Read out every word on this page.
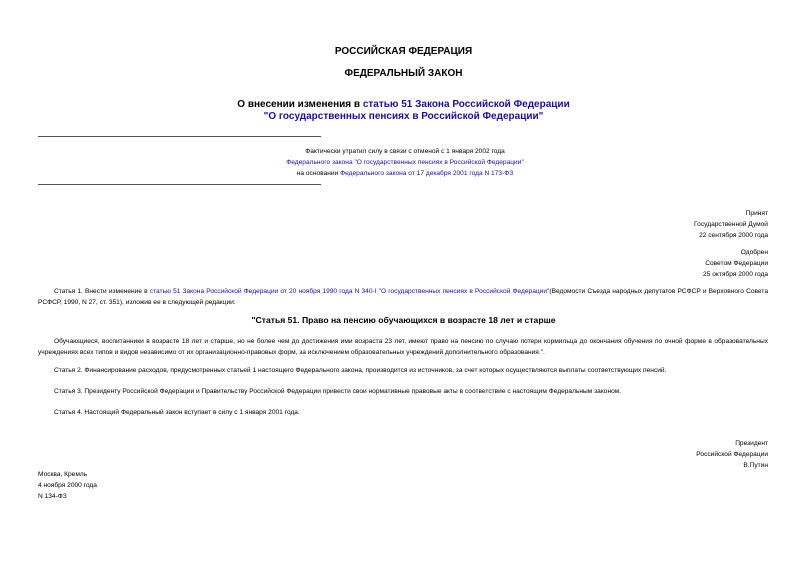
РОССИЙСКАЯ ФЕДЕРАЦИЯ
ФЕДЕРАЛЬНЫЙ ЗАКОН
О внесении изменения в статью 51 Закона Российской Федерации
"О государственных пенсиях в Российской Федерации"
Фактически утратил силу в связи с отменой с 1 января 2002 года
Федерального закона "О государственных пенсиях в Российской Федерации"
на основании Федерального закона от 17 декабря 2001 года N 173-ФЗ
Принят
Государственной Думой
22 сентября 2000 года
Одобрен
Советом Федерации
25 октября 2000 года
Статья 1. Внести изменение в статью 51 Закона Российской Федерации от 20 ноября 1990 года N 340-I "О государственных пенсиях в Российской Федерации"(Ведомости Съезда народных депутатов РСФСР и Верховного Совета РСФСР, 1990, N 27, ст. 351), изложив ее в следующей редакции:
"Статья 51. Право на пенсию обучающихся в возрасте 18 лет и старше
Обучающиеся, воспитанники в возрасте 18 лет и старше, но не более чем до достижения ими возраста 23 лет, имеют право на пенсию по случаю потери кормильца до окончания обучения по очной форме в образовательных учреждениях всех типов и видов независимо от их организационно-правовых форм, за исключением образовательных учреждений дополнительного образования.".
Статья 2. Финансирование расходов, предусмотренных статьей 1 настоящего Федерального закона, производится из источников, за счет которых осуществляются выплаты соответствующих пенсий.
Статья 3. Президенту Российской Федерации и Правительству Российской Федерации привести свои нормативные правовые акты в соответствие с настоящим Федеральным законом.
Статья 4. Настоящий Федеральный закон вступает в силу с 1 января 2001 года.
Президент
Российской Федерации
В.Путин
Москва, Кремль
4 ноября 2000 года
N 134-ФЗ
